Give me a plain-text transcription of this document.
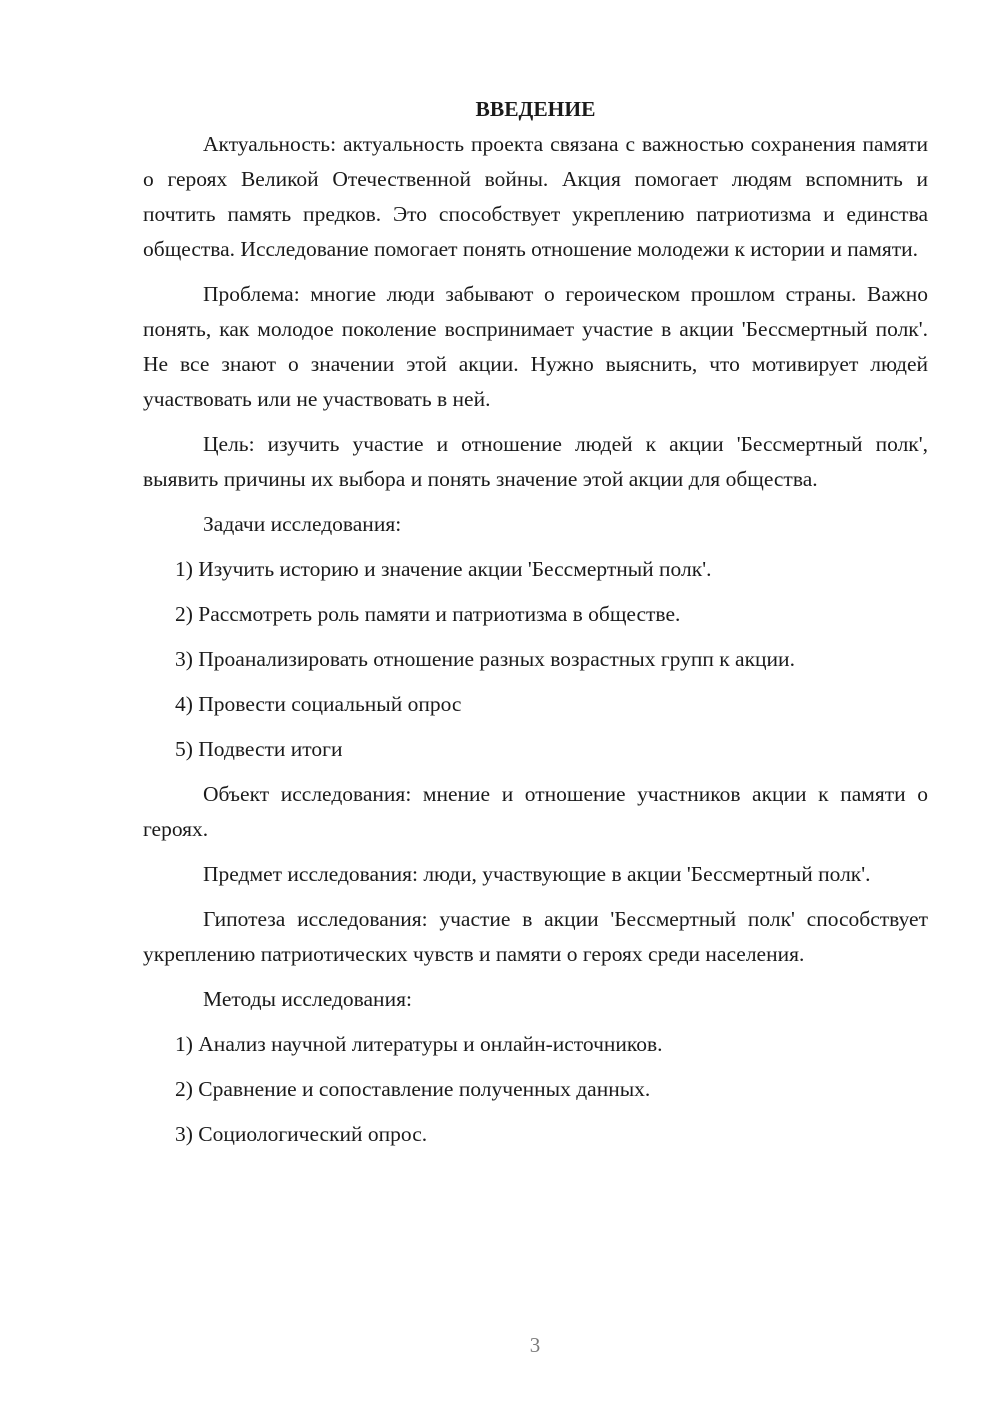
ВВЕДЕНИЕ

Актуальность: актуальность проекта связана с важностью сохранения памяти о героях Великой Отечественной войны. Акция помогает людям вспомнить и почтить память предков. Это способствует укреплению патриотизма и единства общества. Исследование помогает понять отношение молодежи к истории и памяти.

Проблема: многие люди забывают о героическом прошлом страны. Важно понять, как молодое поколение воспринимает участие в акции 'Бессмертный полк'. Не все знают о значении этой акции. Нужно выяснить, что мотивирует людей участвовать или не участвовать в ней.

Цель: изучить участие и отношение людей к акции 'Бессмертный полк', выявить причины их выбора и понять значение этой акции для общества.

Задачи исследования:

1) Изучить историю и значение акции 'Бессмертный полк'.

2) Рассмотреть роль памяти и патриотизма в обществе.

3) Проанализировать отношение разных возрастных групп к акции.

4) Провести социальный опрос

5) Подвести итоги

Объект исследования: мнение и отношение участников акции к памяти о героях.

Предмет исследования: люди, участвующие в акции 'Бессмертный полк'.

Гипотеза исследования: участие в акции 'Бессмертный полк' способствует укреплению патриотических чувств и памяти о героях среди населения.

Методы исследования:

1) Анализ научной литературы и онлайн-источников.

2) Сравнение и сопоставление полученных данных.

3) Социологический опрос.

3
